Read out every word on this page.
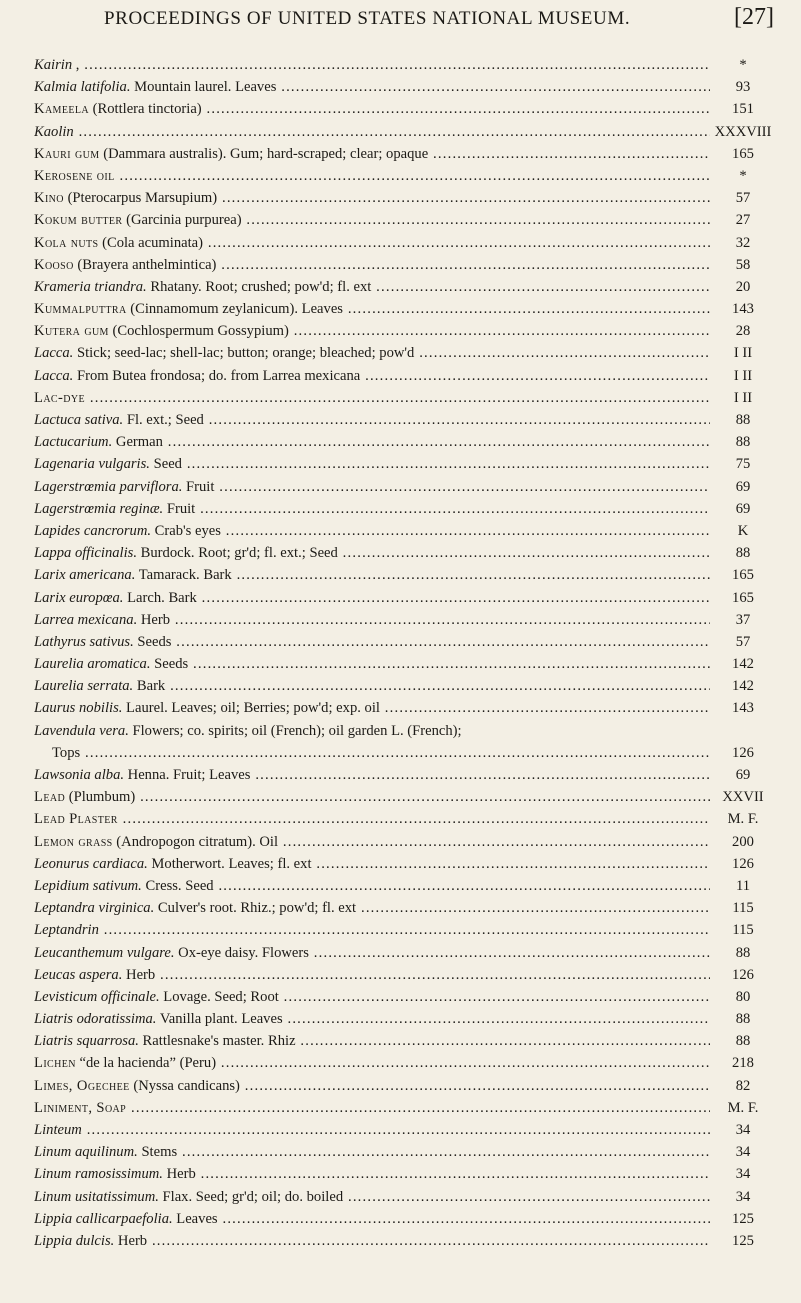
PROCEEDINGS OF UNITED STATES NATIONAL MUSEUM.	[27]
Kairin , .....	*
Kalmia latifolia. Mountain laurel. Leaves .....	93
Kameela (Rottlera tinctoria) .....	151
Kaolin .....	XXXVIII
Kauri gum (Dammara australis). Gum; hard-scraped; clear; opaque .....	165
Kerosene oil .....	*
Kino (Pterocarpus Marsupium) .....	57
Kokum butter (Garcinia purpurea) .....	27
Kola nuts (Cola acuminata) .....	32
Kooso (Brayera anthelmintica) .....	58
Krameria triandra. Rhatany. Root; crushed; pow'd; fl. ext .....	20
Kummalputtra (Cinnamomum zeylanicum). Leaves .....	143
Kutera gum (Cochlospermum Gossypium) .....	28
Lacca. Stick; seed-lac; shell-lac; button; orange; bleached; pow'd .....	I II
Lacca. From Butea frondosa; do. from Larrea mexicana .....	I II
Lac-dye .....	I II
Lactuca sativa. Fl. ext.; Seed .....	88
Lactucarium. German .....	88
Lagenaria vulgaris. Seed .....	75
Lagerstrœmia parviflora. Fruit .....	69
Lagerstrœmia reginæ. Fruit .....	69
Lapides cancrorum. Crab's eyes .....	K
Lappa officinalis. Burdock. Root; gr'd; fl. ext.; Seed .....	88
Larix americana. Tamarack. Bark .....	165
Larix europœa. Larch. Bark .....	165
Larrea mexicana. Herb .....	37
Lathyrus sativus. Seeds .....	57
Laurelia aromatica. Seeds .....	142
Laurelia serrata. Bark .....	142
Laurus nobilis. Laurel. Leaves; oil; Berries; pow'd; exp. oil .....	143
Lavendula vera. Flowers; co. spirits; oil (French); oil garden L. (French);
Tops .....	126
Lawsonia alba. Henna. Fruit; Leaves .....	69
Lead (Plumbum) .....	XXVII
Lead Plaster .....	M. F.
Lemon grass (Andropogon citratum). Oil .....	200
Leonurus cardiaca. Motherwort. Leaves; fl. ext .....	126
Lepidium sativum. Cress. Seed .....	11
Leptandra virginica. Culver's root. Rhiz.; pow'd; fl. ext .....	115
Leptandrin .....	115
Leucanthemum vulgare. Ox-eye daisy. Flowers .....	88
Leucas aspera. Herb .....	126
Levisticum officinale. Lovage. Seed; Root .....	80
Liatris odoratissima. Vanilla plant. Leaves .....	88
Liatris squarrosa. Rattlesnake's master. Rhiz .....	88
Lichen “de la hacienda” (Peru) .....	218
Limes, Ogechee (Nyssa candicans) .....	82
Liniment, Soap .....	M. F.
Linteum .....	34
Linum aquilinum. Stems .....	34
Linum ramosissimum. Herb .....	34
Linum usitatissimum. Flax. Seed; gr'd; oil; do. boiled .....	34
Lippia callicarpaefolia. Leaves .....	125
Lippia dulcis. Herb .....	125
